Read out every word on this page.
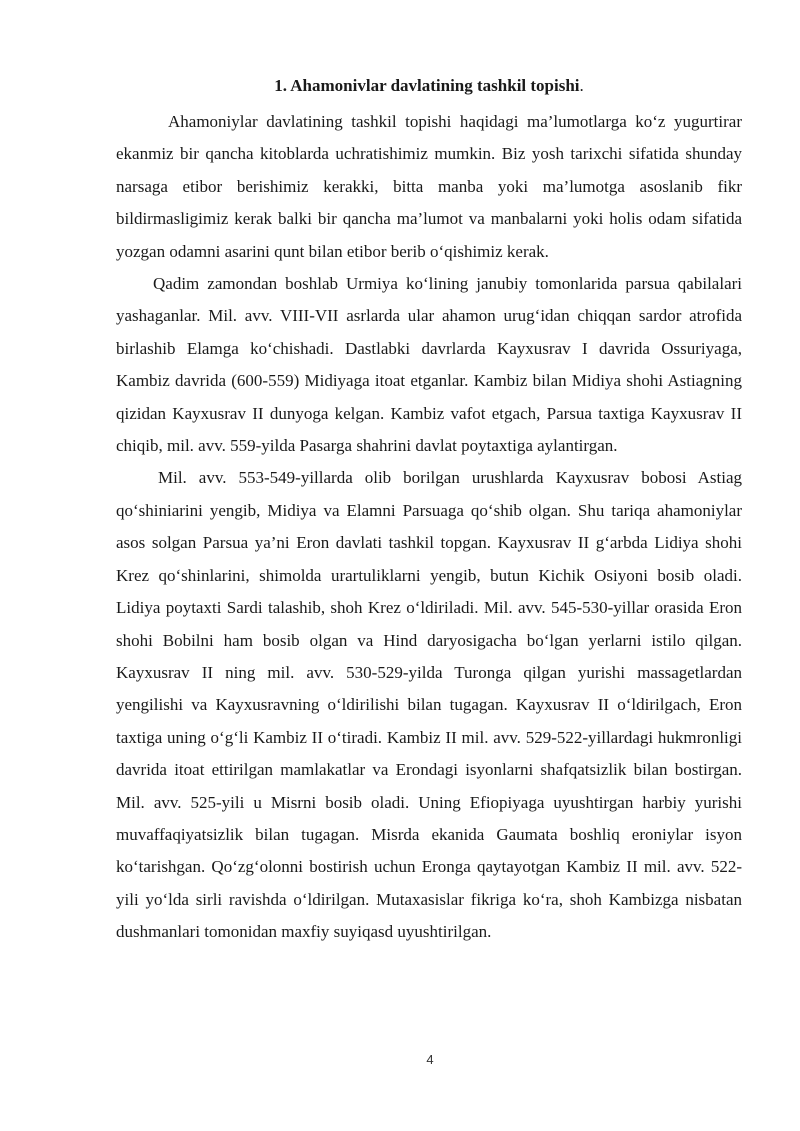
1. Ahamonivlar davlatining tashkil topishi.

Ahamoniylar davlatining tashkil topishi haqidagi ma’lumotlarga ko‘z yugurtirar ekanmiz bir qancha kitoblarda uchratishimiz mumkin. Biz yosh tarixchi sifatida shunday narsaga etibor berishimiz kerakki, bitta manba yoki ma’lumotga asoslanib fikr bildirmasligimiz kerak balki bir qancha ma’lumot va manbalarni yoki holis odam sifatida yozgan odamni asarini qunt bilan etibor berib o‘qishimiz kerak.

Qadim zamondan boshlab Urmiya ko‘lining janubiy tomonlarida parsua qabilalari yashaganlar. Mil. avv. VIII-VII asrlarda ular ahamon urug‘idan chiqqan sardor atrofida birlashib Elamga ko‘chishadi. Dastlabki davrlarda Kayxusrav I davrida Ossuriyaga, Kambiz davrida (600-559) Midiyaga itoat etganlar. Kambiz bilan Midiya shohi Astiagning qizidan Kayxusrav II dunyoga kelgan. Kambiz vafot etgach, Parsua taxtiga Kayxusrav II chiqib, mil. avv. 559-yilda Pasarga shahrini davlat poytaxtiga aylantirgan.

Mil. avv. 553-549-yillarda olib borilgan urushlarda Kayxusrav bobosi Astiag qo‘shiniarini yengib, Midiya va Elamni Parsuaga qo‘shib olgan. Shu tariqa ahamoniylar asos solgan Parsua ya’ni Eron davlati tashkil topgan. Kayxusrav II g‘arbda Lidiya shohi Krez qo‘shinlarini, shimolda urartuliklarni yengib, butun Kichik Osiyoni bosib oladi. Lidiya poytaxti Sardi talashib, shoh Krez o‘ldiriladi. Mil. avv. 545-530-yillar orasida Eron shohi Bobilni ham bosib olgan va Hind daryosigacha bo‘lgan yerlarni istilo qilgan. Kayxusrav II ning mil. avv. 530-529-yilda Turonga qilgan yurishi massagetlardan yengilishi va Kayxusravning o‘ldirilishi bilan tugagan. Kayxusrav II o‘ldirilgach, Eron taxtiga uning o‘g‘li Kambiz II o‘tiradi. Kambiz II mil. avv. 529-522-yillardagi hukmronligi davrida itoat ettirilgan mamlakatlar va Erondagi isyonlarni shafqatsizlik bilan bostirgan. Mil. avv. 525-yili u Misrni bosib oladi. Uning Efiopiyaga uyushtirgan harbiy yurishi muvaffaqiyatsizlik bilan tugagan. Misrda ekanida Gaumata boshliq eroniylar isyon ko‘tarishgan. Qo‘zg‘olonni bostirish uchun Eronga qaytayotgan Kambiz II mil. avv. 522-yili yo‘lda sirli ravishda o‘ldirilgan. Mutaxasislar fikriga ko‘ra, shoh Kambizga nisbatan dushmanlari tomonidan maxfiy suyiqasd uyushtirilgan.

4
